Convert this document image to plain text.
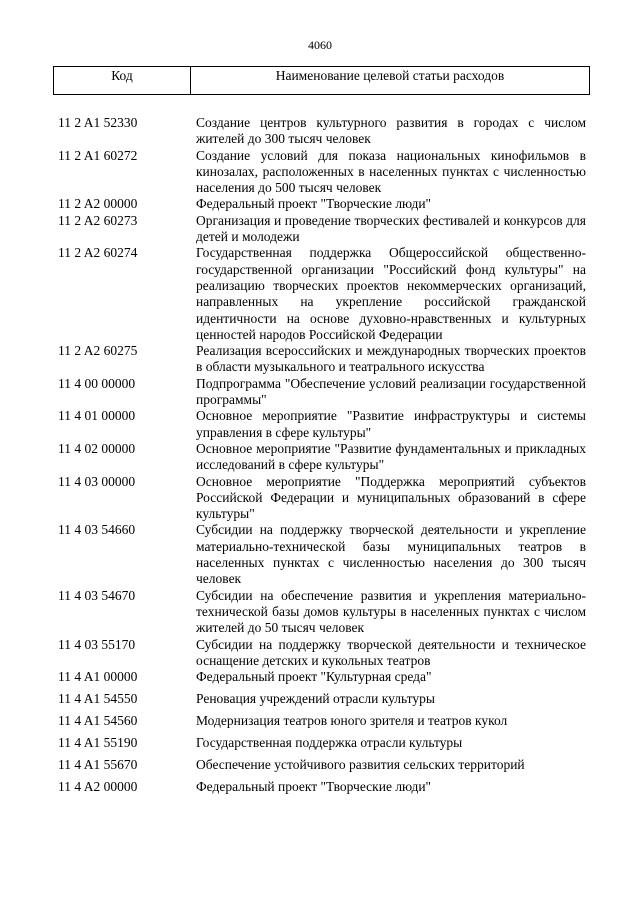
4060
Код	Наименование целевой статьи расходов
11 2 A1 52330	Создание центров культурного развития в городах с числом жителей до 300 тысяч человек
11 2 A1 60272	Создание условий для показа национальных кинофильмов в кинозалах, расположенных в населенных пунктах с численностью населения до 500 тысяч человек
11 2 A2 00000	Федеральный проект "Творческие люди"
11 2 A2 60273	Организация и проведение творческих фестивалей и конкурсов для детей и молодежи
11 2 A2 60274	Государственная поддержка Общероссийской общественно-государственной организации "Российский фонд культуры" на реализацию творческих проектов некоммерческих организаций, направленных на укрепление российской гражданской идентичности на основе духовно-нравственных и культурных ценностей народов Российской Федерации
11 2 A2 60275	Реализация всероссийских и международных творческих проектов в области музыкального и театрального искусства
11 4 00 00000	Подпрограмма "Обеспечение условий реализации государственной программы"
11 4 01 00000	Основное мероприятие "Развитие инфраструктуры и системы управления в сфере культуры"
11 4 02 00000	Основное мероприятие "Развитие фундаментальных и прикладных исследований в сфере культуры"
11 4 03 00000	Основное мероприятие "Поддержка мероприятий субъектов Российской Федерации и муниципальных образований в сфере культуры"
11 4 03 54660	Субсидии на поддержку творческой деятельности и укрепление материально-технической базы муниципальных театров в населенных пунктах с численностью населения до 300 тысяч человек
11 4 03 54670	Субсидии на обеспечение развития и укрепления материально-технической базы домов культуры в населенных пунктах с числом жителей до 50 тысяч человек
11 4 03 55170	Субсидии на поддержку творческой деятельности и техническое оснащение детских и кукольных театров
11 4 A1 00000	Федеральный проект "Культурная среда"
11 4 A1 54550	Реновация учреждений отрасли культуры
11 4 A1 54560	Модернизация театров юного зрителя и театров кукол
11 4 A1 55190	Государственная поддержка отрасли культуры
11 4 A1 55670	Обеспечение устойчивого развития сельских территорий
11 4 A2 00000	Федеральный проект "Творческие люди"
